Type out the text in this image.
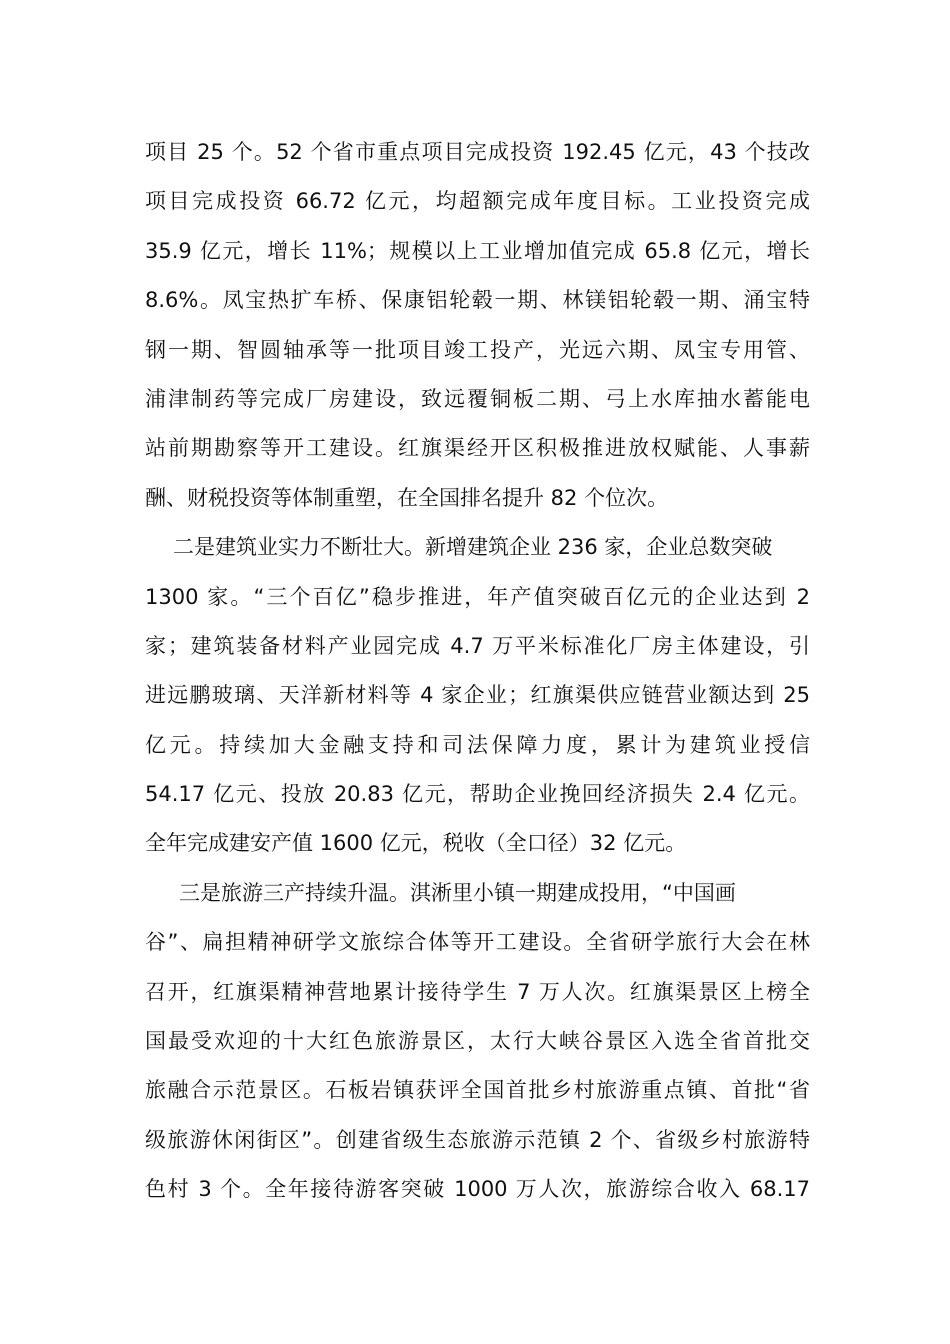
项目 25 个。52 个省市重点项目完成投资 192.45 亿元，43 个技改
项目完成投资 66.72 亿元，均超额完成年度目标。工业投资完成
35.9 亿元，增长 11%；规模以上工业增加值完成 65.8 亿元，增长
8.6%。凤宝热扩车桥、保康铝轮毂一期、林镁铝轮毂一期、涌宝特
钢一期、智圆轴承等一批项目竣工投产，光远六期、凤宝专用管、
浦津制药等完成厂房建设，致远覆铜板二期、弓上水库抽水蓄能电
站前期勘察等开工建设。红旗渠经开区积极推进放权赋能、人事薪
酬、财税投资等体制重塑，在全国排名提升 82 个位次。
二是建筑业实力不断壮大。新增建筑企业 236 家，企业总数突破
1300 家。“三个百亿”稳步推进，年产值突破百亿元的企业达到 2
家；建筑装备材料产业园完成 4.7 万平米标准化厂房主体建设，引
进远鹏玻璃、天洋新材料等 4 家企业；红旗渠供应链营业额达到 25
亿元。持续加大金融支持和司法保障力度，累计为建筑业授信
54.17 亿元、投放 20.83 亿元，帮助企业挽回经济损失 2.4 亿元。
全年完成建安产值 1600 亿元，税收（全口径）32 亿元。
三是旅游三产持续升温。淇淅里小镇一期建成投用，“中国画
谷”、扁担精神研学文旅综合体等开工建设。全省研学旅行大会在林
召开，红旗渠精神营地累计接待学生 7 万人次。红旗渠景区上榜全
国最受欢迎的十大红色旅游景区，太行大峡谷景区入选全省首批交
旅融合示范景区。石板岩镇获评全国首批乡村旅游重点镇、首批“省
级旅游休闲街区”。创建省级生态旅游示范镇 2 个、省级乡村旅游特
色村 3 个。全年接待游客突破 1000 万人次，旅游综合收入 68.17
